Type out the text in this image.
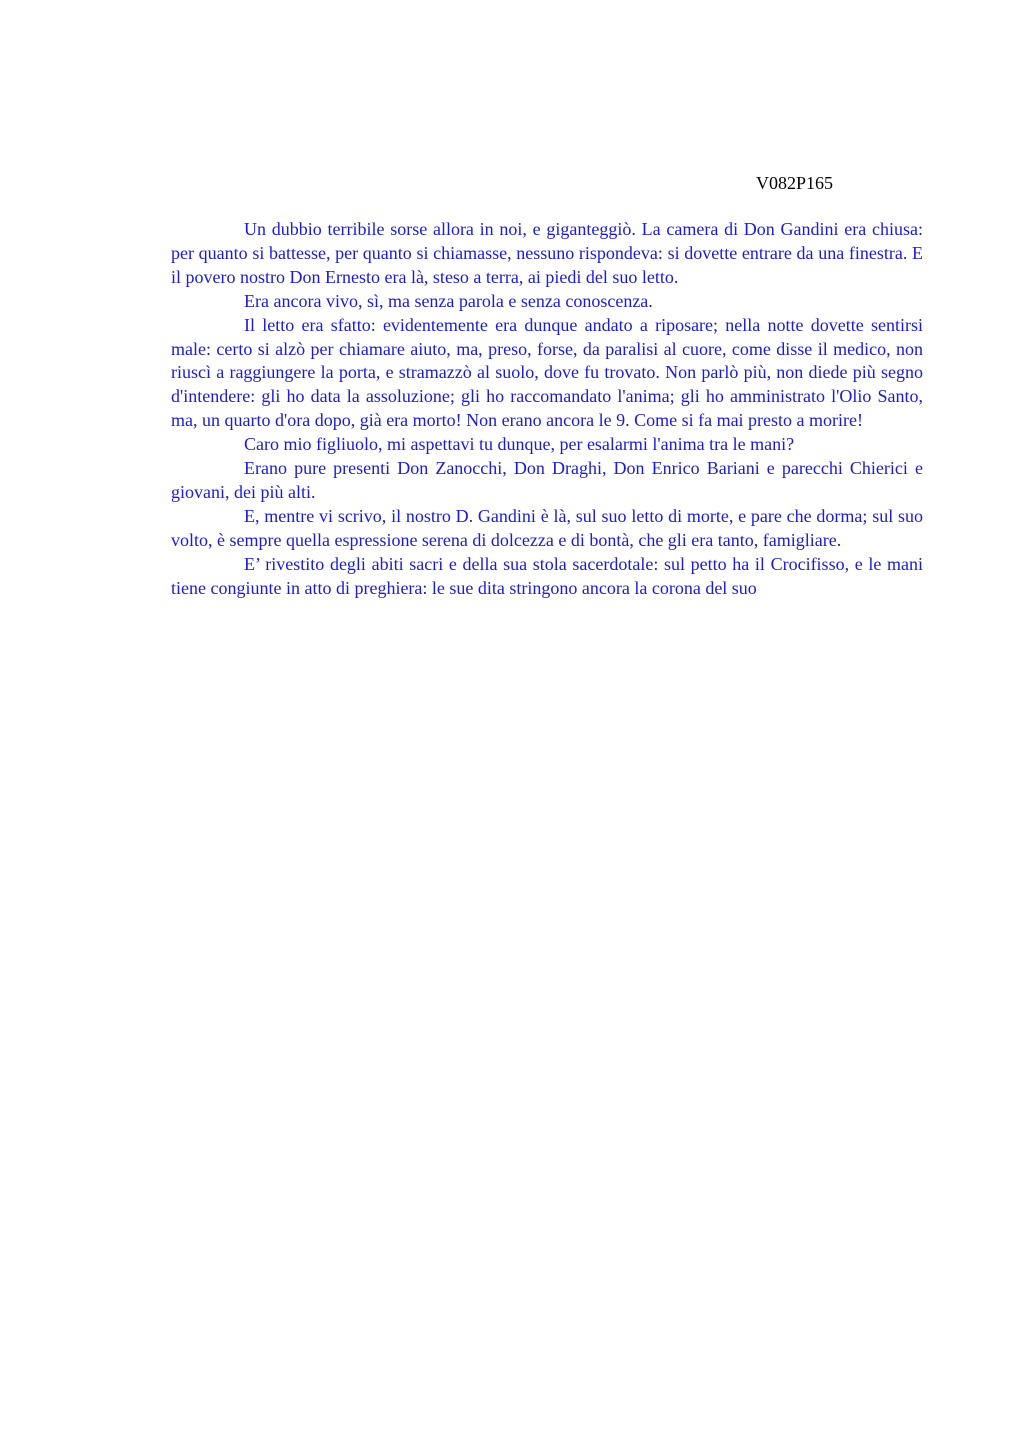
V082P165

Un dubbio terribile sorse allora in noi, e giganteggiò. La camera di Don Gandini era chiusa: per quanto si battesse, per quanto si chiamasse, nessuno rispondeva: si dovette entrare da una finestra. E il povero nostro Don Ernesto era là, steso a terra, ai piedi del suo letto.

Era ancora vivo, sì, ma senza parola e senza conoscenza.

Il letto era sfatto: evidentemente era dunque andato a riposare; nella notte dovette sentirsi male: certo si alzò per chiamare aiuto, ma, preso, forse, da paralisi al cuore, come disse il medico, non riuscì a raggiungere la porta, e stramazzò al suolo, dove fu trovato. Non parlò più, non diede più segno d'intendere: gli ho data la assoluzione; gli ho raccomandato l'anima; gli ho amministrato l'Olio Santo, ma, un quarto d'ora dopo, già era morto! Non erano ancora le 9. Come si fa mai presto a morire!

Caro mio figliuolo, mi aspettavi tu dunque, per esalarmi l'anima tra le mani?

Erano pure presenti Don Zanocchi, Don Draghi, Don Enrico Bariani e parecchi Chierici e giovani, dei più alti.

E, mentre vi scrivo, il nostro D. Gandini è là, sul suo letto di morte, e pare che dorma; sul suo volto, è sempre quella espressione serena di dolcezza e di bontà, che gli era tanto, famigliare.

E’ rivestito degli abiti sacri e della sua stola sacerdotale: sul petto ha il Crocifisso, e le mani tiene congiunte in atto di preghiera: le sue dita stringono ancora la corona del suo
